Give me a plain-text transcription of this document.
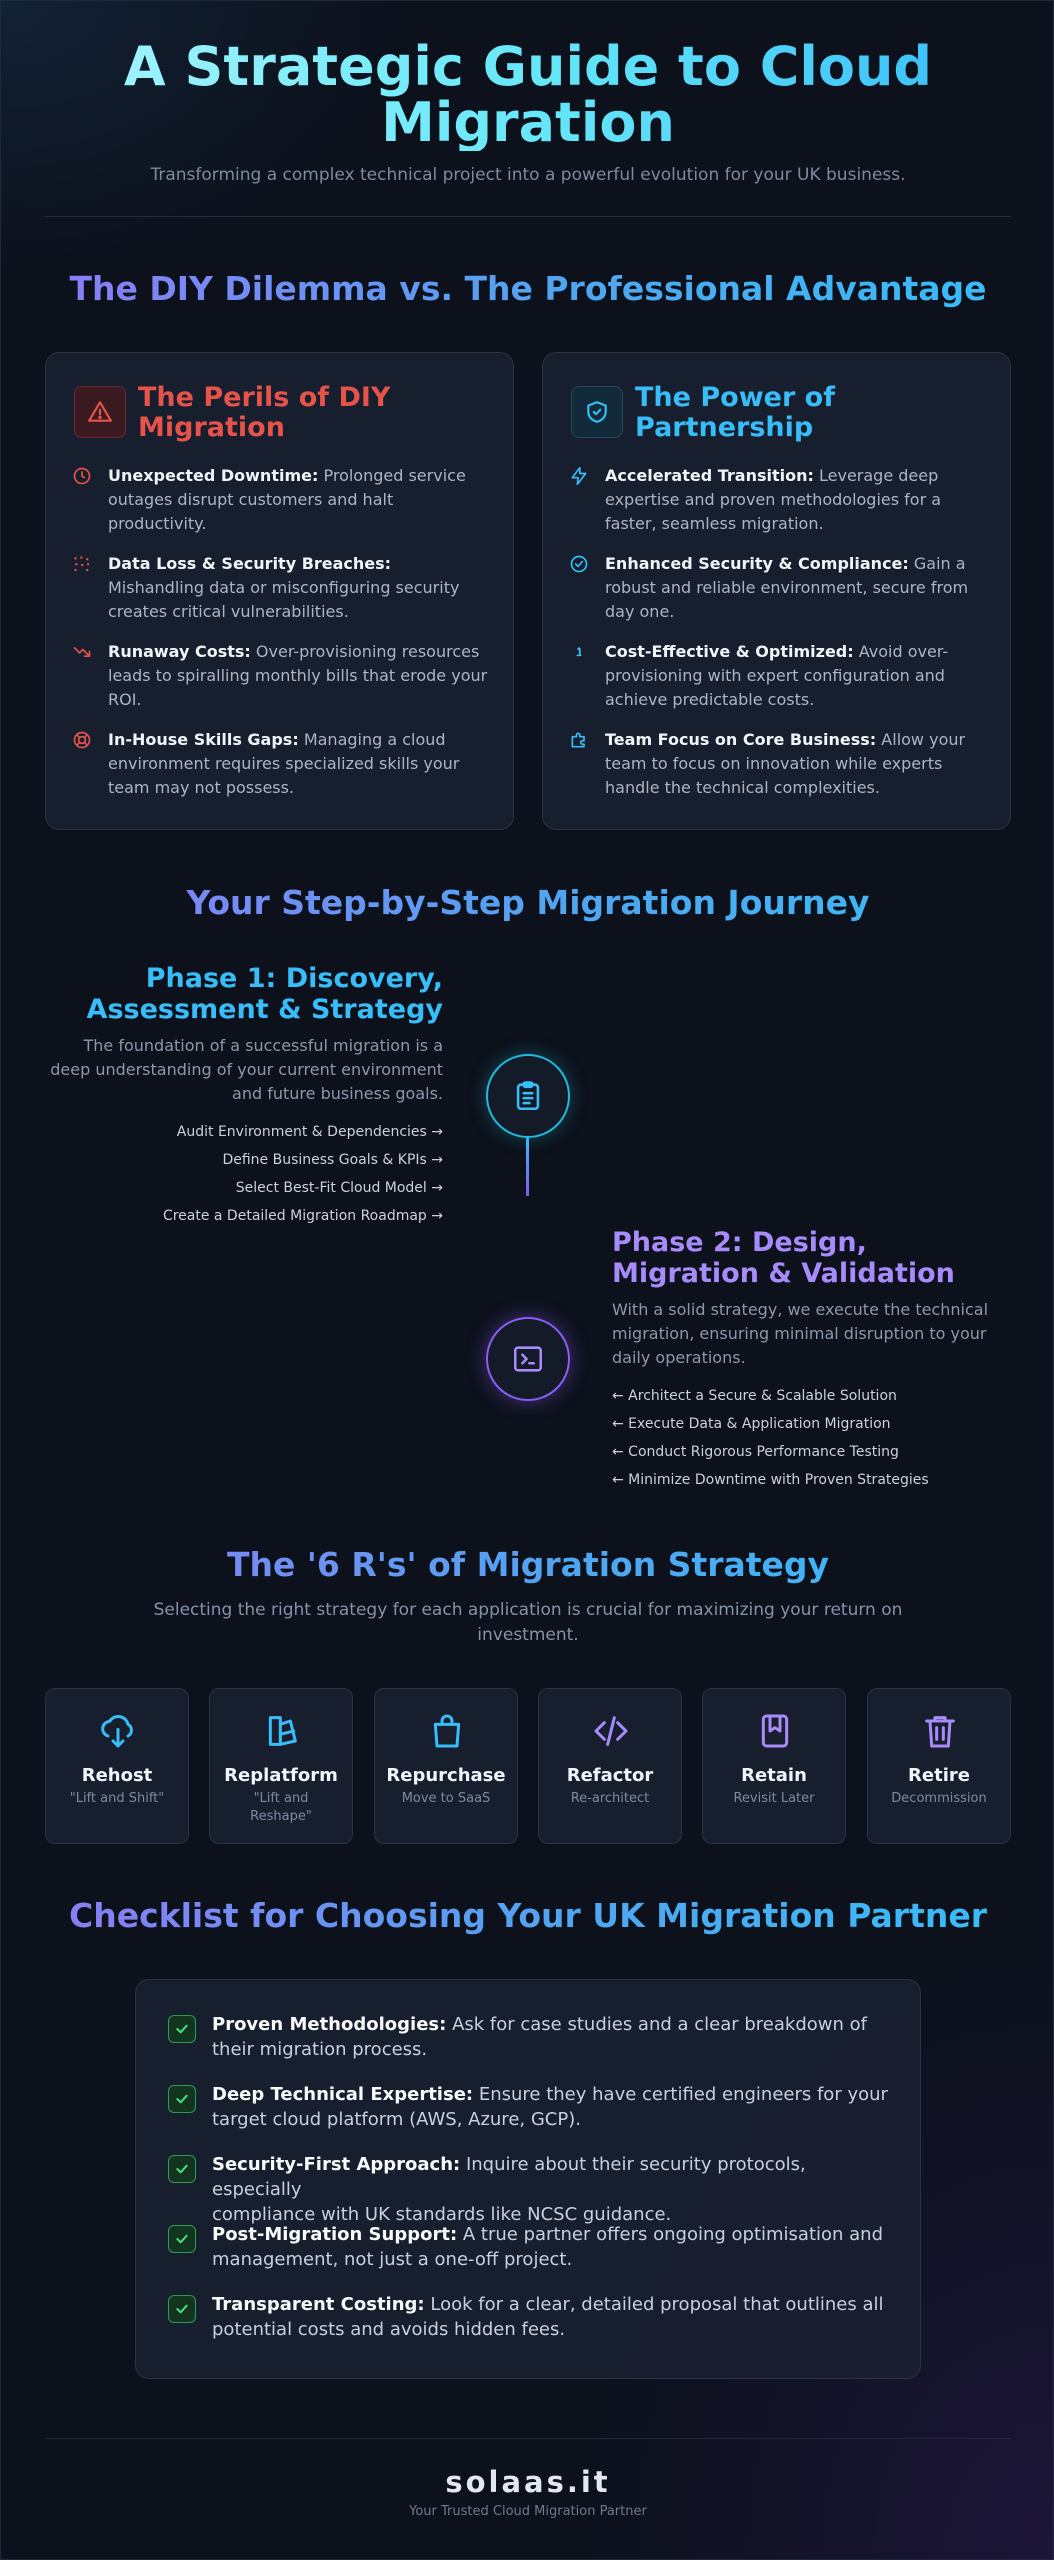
A Strategic Guide to Cloud Migration
Transforming a complex technical project into a powerful evolution for your UK business.
The DIY Dilemma vs. The Professional Advantage
The Perils of DIY
Migration
Unexpected Downtime: Prolonged service
outages disrupt customers and halt
productivity.
Data Loss & Security Breaches:
Mishandling data or misconfiguring security
creates critical vulnerabilities.
Runaway Costs: Over-provisioning resources
leads to spiralling monthly bills that erode your
ROI.
In-House Skills Gaps: Managing a cloud
environment requires specialized skills your
team may not possess.
The Power of
Partnership
Accelerated Transition: Leverage deep
expertise and proven methodologies for a
faster, seamless migration.
Enhanced Security & Compliance: Gain a
robust and reliable environment, secure from
day one.
Cost-Effective & Optimized: Avoid over-
provisioning with expert configuration and
achieve predictable costs.
Team Focus on Core Business: Allow your
team to focus on innovation while experts
handle the technical complexities.
Your Step-by-Step Migration Journey
Phase 1: Discovery,
Assessment & Strategy
The foundation of a successful migration is a
deep understanding of your current environment
and future business goals.
Audit Environment & Dependencies →
Define Business Goals & KPIs →
Select Best-Fit Cloud Model →
Create a Detailed Migration Roadmap →
Phase 2: Design,
Migration & Validation
With a solid strategy, we execute the technical
migration, ensuring minimal disruption to your
daily operations.
← Architect a Secure & Scalable Solution
← Execute Data & Application Migration
← Conduct Rigorous Performance Testing
← Minimize Downtime with Proven Strategies
The '6 R's' of Migration Strategy
Selecting the right strategy for each application is crucial for maximizing your return on
investment.
Rehost
"Lift and Shift"
Replatform
"Lift and
Reshape"
Repurchase
Move to SaaS
Refactor
Re-architect
Retain
Revisit Later
Retire
Decommission
Checklist for Choosing Your UK Migration Partner
Proven Methodologies: Ask for case studies and a clear breakdown of
their migration process.
Deep Technical Expertise: Ensure they have certified engineers for your
target cloud platform (AWS, Azure, GCP).
Security-First Approach: Inquire about their security protocols, especially
compliance with UK standards like NCSC guidance.
Post-Migration Support: A true partner offers ongoing optimisation and
management, not just a one-off project.
Transparent Costing: Look for a clear, detailed proposal that outlines all
potential costs and avoids hidden fees.
solaas.it
Your Trusted Cloud Migration Partner
